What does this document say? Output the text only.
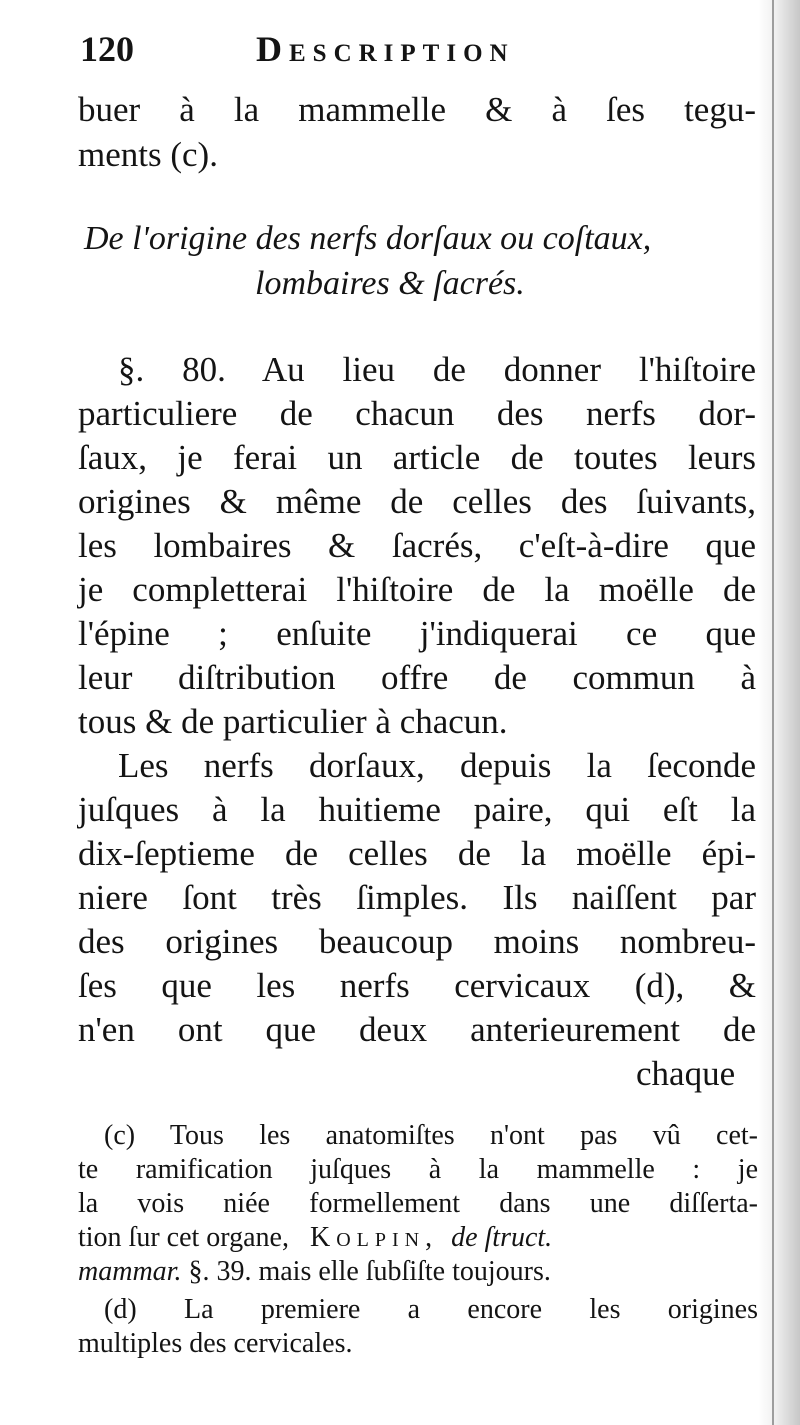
120	Description
buer à la mammelle & à ſes tegu-
ments (c).
De l'origine des nerfs dorſaux ou coſtaux,
lombaires & ſacrés.
§. 80. Au lieu de donner l'hiſtoire
particuliere de chacun des nerfs dor-
ſaux, je ferai un article de toutes leurs
origines & même de celles des ſuivants,
les lombaires & ſacrés, c'eſt-à-dire que
je completterai l'hiſtoire de la moëlle de
l'épine ; enſuite j'indiquerai ce que
leur diſtribution offre de commun à
tous & de particulier à chacun.
Les nerfs dorſaux, depuis la ſeconde
juſques à la huitieme paire, qui eſt la
dix-ſeptieme de celles de la moëlle épi-
niere ſont très ſimples. Ils naiſſent par
des origines beaucoup moins nombreu-
ſes que les nerfs cervicaux (d), &
n'en ont que deux anterieurement de
chaque
(c) Tous les anatomiſtes n'ont pas vû cet-
te ramification juſques à la mammelle : je
la vois niée formellement dans une diſſerta-
tion ſur cet organe, Kolpin, de ſtruct.
mammar. §. 39. mais elle ſubſiſte toujours.
(d) La premiere a encore les origines
multiples des cervicales.
